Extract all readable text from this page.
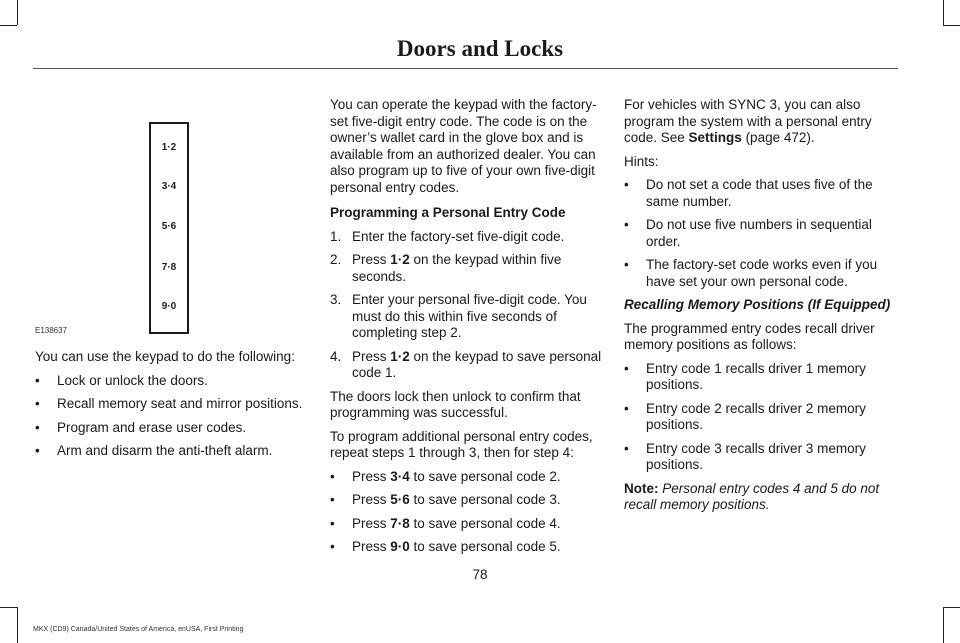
Doors and Locks
1·2
3·4
5·6
7·8
9·0
E138637

You can use the keypad to do the following:

• Lock or unlock the doors.
• Recall memory seat and mirror positions.
• Program and erase user codes.
• Arm and disarm the anti-theft alarm.

You can operate the keypad with the factory-set five-digit entry code. The code is on the owner’s wallet card in the glove box and is available from an authorized dealer. You can also program up to five of your own five-digit personal entry codes.

Programming a Personal Entry Code

1. Enter the factory-set five-digit code.
2. Press 1·2 on the keypad within five seconds.
3. Enter your personal five-digit code. You must do this within five seconds of completing step 2.
4. Press 1·2 on the keypad to save personal code 1.

The doors lock then unlock to confirm that programming was successful.

To program additional personal entry codes, repeat steps 1 through 3, then for step 4:

• Press 3·4 to save personal code 2.
• Press 5·6 to save personal code 3.
• Press 7·8 to save personal code 4.
• Press 9·0 to save personal code 5.

For vehicles with SYNC 3, you can also program the system with a personal entry code. See Settings (page 472).

Hints:

• Do not set a code that uses five of the same number.
• Do not use five numbers in sequential order.
• The factory-set code works even if you have set your own personal code.

Recalling Memory Positions (If Equipped)

The programmed entry codes recall driver memory positions as follows:

• Entry code 1 recalls driver 1 memory positions.
• Entry code 2 recalls driver 2 memory positions.
• Entry code 3 recalls driver 3 memory positions.

Note: Personal entry codes 4 and 5 do not recall memory positions.

78
MKX (CD9) Canada/United States of America, enUSA, First Printing
